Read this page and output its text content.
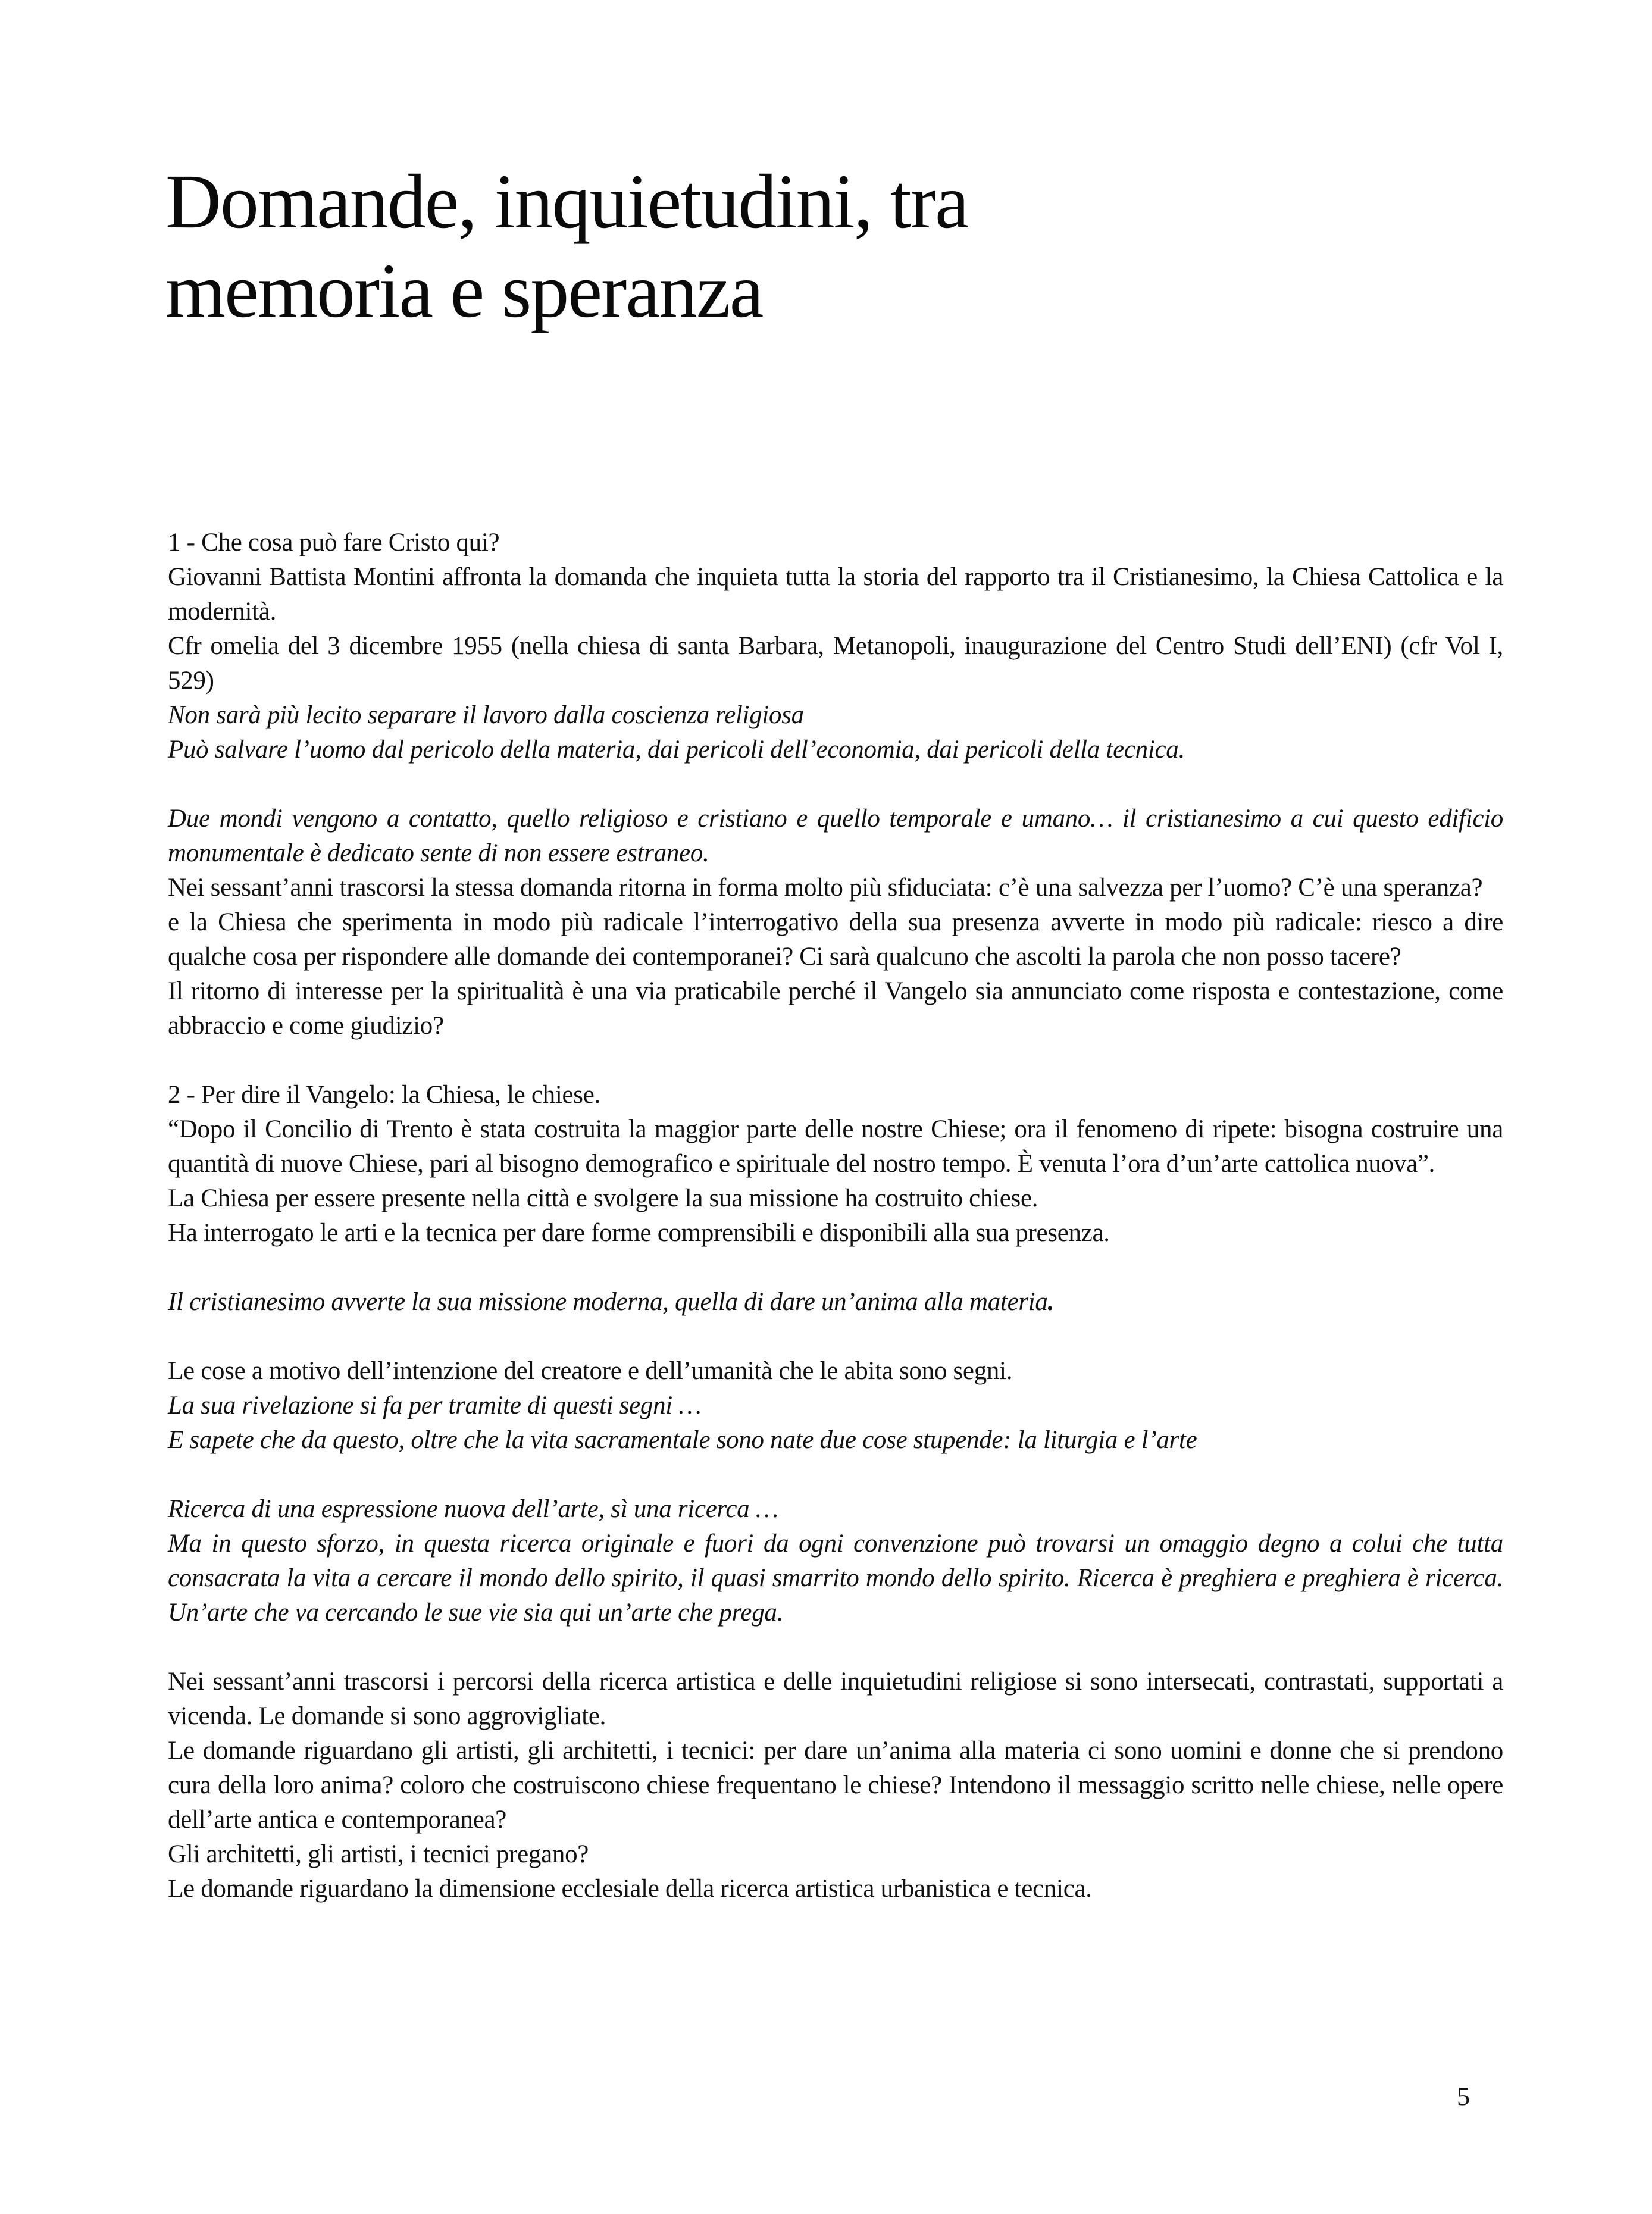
Domande, inquietudini, tra
memoria e speranza

1 - Che cosa può fare Cristo qui?

Giovanni Battista Montini affronta la domanda che inquieta tutta la storia del rapporto tra il Cristianesimo, la Chiesa Cattolica e la modernità.

Cfr omelia del 3 dicembre 1955 (nella chiesa di santa Barbara, Metanopoli, inaugurazione del Centro Studi dell’ENI) (cfr Vol I, 529)

Non sarà più lecito separare il lavoro dalla coscienza religiosa

Può salvare l’uomo dal pericolo della materia, dai pericoli dell’economia, dai pericoli della tecnica.

Due mondi vengono a contatto, quello religioso e cristiano e quello temporale e umano… il cristianesimo a cui questo edificio monumentale è dedicato sente di non essere estraneo.

Nei sessant’anni trascorsi la stessa domanda ritorna in forma molto più sfiduciata: c’è una salvezza per l’uomo? C’è una speranza?

e la Chiesa che sperimenta in modo più radicale l’interrogativo della sua presenza avverte in modo più radicale: riesco a dire qualche cosa per rispondere alle domande dei contemporanei? Ci sarà qualcuno che ascolti la parola che non posso tacere?

Il ritorno di interesse per la spiritualità è una via praticabile perché il Vangelo sia annunciato come risposta e contestazione, come abbraccio e come giudizio?

2 - Per dire il Vangelo: la Chiesa, le chiese.

“Dopo il Concilio di Trento è stata costruita la maggior parte delle nostre Chiese; ora il fenomeno di ripete: bisogna costruire una quantità di nuove Chiese, pari al bisogno demografico e spirituale del nostro tempo. È venuta l’ora d’un’arte cattolica nuova”.

La Chiesa per essere presente nella città e svolgere la sua missione ha costruito chiese.

Ha interrogato le arti e la tecnica per dare forme comprensibili e disponibili alla sua presenza.

Il cristianesimo avverte la sua missione moderna, quella di dare un’anima alla materia.

Le cose a motivo dell’intenzione del creatore e dell’umanità che le abita sono segni.

La sua rivelazione si fa per tramite di questi segni …

E sapete che da questo, oltre che la vita sacramentale sono nate due cose stupende: la liturgia e l’arte

Ricerca di una espressione nuova dell’arte, sì una ricerca …

Ma in questo sforzo, in questa ricerca originale e fuori da ogni convenzione può trovarsi un omaggio degno a colui che tutta consacrata la vita a cercare il mondo dello spirito, il quasi smarrito mondo dello spirito. Ricerca è preghiera e preghiera è ricerca. Un’arte che va cercando le sue vie sia qui un’arte che prega.

Nei sessant’anni trascorsi i percorsi della ricerca artistica e delle inquietudini religiose si sono intersecati, contrastati, supportati a vicenda. Le domande si sono aggrovigliate.

Le domande riguardano gli artisti, gli architetti, i tecnici: per dare un’anima alla materia ci sono uomini e donne che si prendono cura della loro anima? coloro che costruiscono chiese frequentano le chiese? Intendono il messaggio scritto nelle chiese, nelle opere dell’arte antica e contemporanea?

Gli architetti, gli artisti, i tecnici pregano?

Le domande riguardano la dimensione ecclesiale della ricerca artistica urbanistica e tecnica.

5
